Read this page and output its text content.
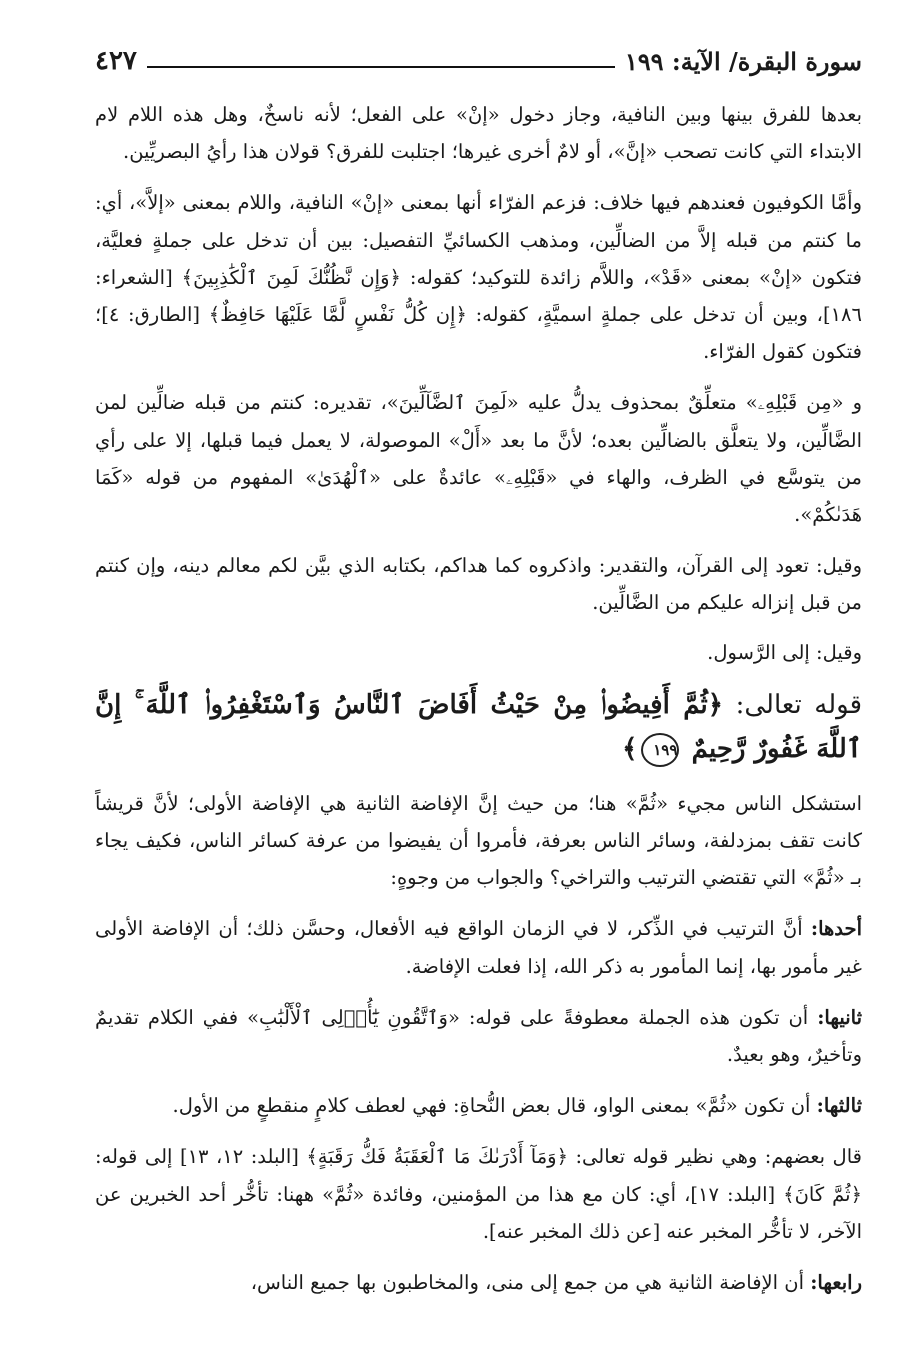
سورة البقرة/ الآية: ١٩٩
٤٢٧

بعدها للفرق بينها وبين النافية، وجاز دخول «إنْ» على الفعل؛ لأنه ناسخٌ، وهل هذه اللام لام الابتداء التي كانت تصحب «إنَّ»، أو لامٌ أخرى غيرها؛ اجتلبت للفرق؟ قولان هذا رأيُ البصريِّين.

وأمَّا الكوفيون فعندهم فيها خلاف: فزعم الفرّاء أنها بمعنى «إنْ» النافية، واللام بمعنى «إلاَّ»، أي: ما كنتم من قبله إلاَّ من الضالِّين، ومذهب الكسائيِّ التفصيل: بين أن تدخل على جملةٍ فعليَّة، فتكون «إنْ» بمعنى «قَدْ»، واللاَّم زائدة للتوكيد؛ كقوله: ﴿وَإِن نَّظُنُّكَ لَمِنَ ٱلْكَٰذِبِينَ﴾ [الشعراء: ١٨٦]، وبين أن تدخل على جملةٍ اسميَّةٍ، كقوله: ﴿إِن كُلُّ نَفْسٍ لَّمَّا عَلَيْهَا حَافِظٌ﴾ [الطارق: ٤]؛ فتكون كقول الفرّاء.

و «مِن قَبْلِهِۦ» متعلِّقٌ بمحذوف يدلُّ عليه «لَمِنَ ٱلضَّآلِّينَ»، تقديره: كنتم من قبله ضالِّين لمن الضَّالِّين، ولا يتعلَّق بالضالِّين بعده؛ لأنَّ ما بعد «أَلْ» الموصولة، لا يعمل فيما قبلها، إلا على رأي من يتوسَّع في الظرف، والهاء في «قَبْلِهِۦ» عائدةٌ على «ٱلْهُدَىٰ» المفهوم من قوله «كَمَا هَدَىٰكُمْ».

وقيل: تعود إلى القرآن، والتقدير: واذكروه كما هداكم، بكتابه الذي بيَّن لكم معالم دينه، وإن كنتم من قبل إنزاله عليكم من الضَّالِّين.

وقيل: إلى الرَّسول.

قوله تعالى: ﴿ثُمَّ أَفِيضُوا۟ مِنْ حَيْثُ أَفَاضَ ٱلنَّاسُ وَٱسْتَغْفِرُوا۟ ٱللَّهَ ۚ إِنَّ ٱللَّهَ غَفُورٌ رَّحِيمٌ ١٩٩﴾

استشكل الناس مجيء «ثُمَّ» هنا؛ من حيث إنَّ الإفاضة الثانية هي الإفاضة الأولى؛ لأنَّ قريشاً كانت تقف بمزدلفة، وسائر الناس بعرفة، فأمروا أن يفيضوا من عرفة كسائر الناس، فكيف يجاء بـ «ثُمَّ» التي تقتضي الترتيب والتراخي؟ والجواب من وجوهٍ:

أحدها: أنَّ الترتيب في الذِّكر، لا في الزمان الواقع فيه الأفعال، وحسَّن ذلك؛ أن الإفاضة الأولى غير مأمور بها، إنما المأمور به ذكر الله، إذا فعلت الإفاضة.

ثانيها: أن تكون هذه الجملة معطوفةً على قوله: «وَٱتَّقُونِ يَٰٓأُو۟لِى ٱلْأَلْبَٰبِ» ففي الكلام تقديمٌ وتأخيرٌ، وهو بعيدٌ.

ثالثها: أن تكون «ثُمَّ» بمعنى الواو، قال بعض النُّحاةِ: فهي لعطف كلامٍ منقطعٍ من الأول.

قال بعضهم: وهي نظير قوله تعالى: ﴿وَمَآ أَدْرَىٰكَ مَا ٱلْعَقَبَةُ فَكُّ رَقَبَةٍ﴾ [البلد: ١٢، ١٣] إلى قوله: ﴿ثُمَّ كَانَ﴾ [البلد: ١٧]، أي: كان مع هذا من المؤمنين، وفائدة «ثُمَّ» ههنا: تأخُّر أحد الخبرين عن الآخر، لا تأخُّر المخبر عنه [عن ذلك المخبر عنه].

رابعها: أن الإفاضة الثانية هي من جمع إلى منى، والمخاطبون بها جميع الناس،
